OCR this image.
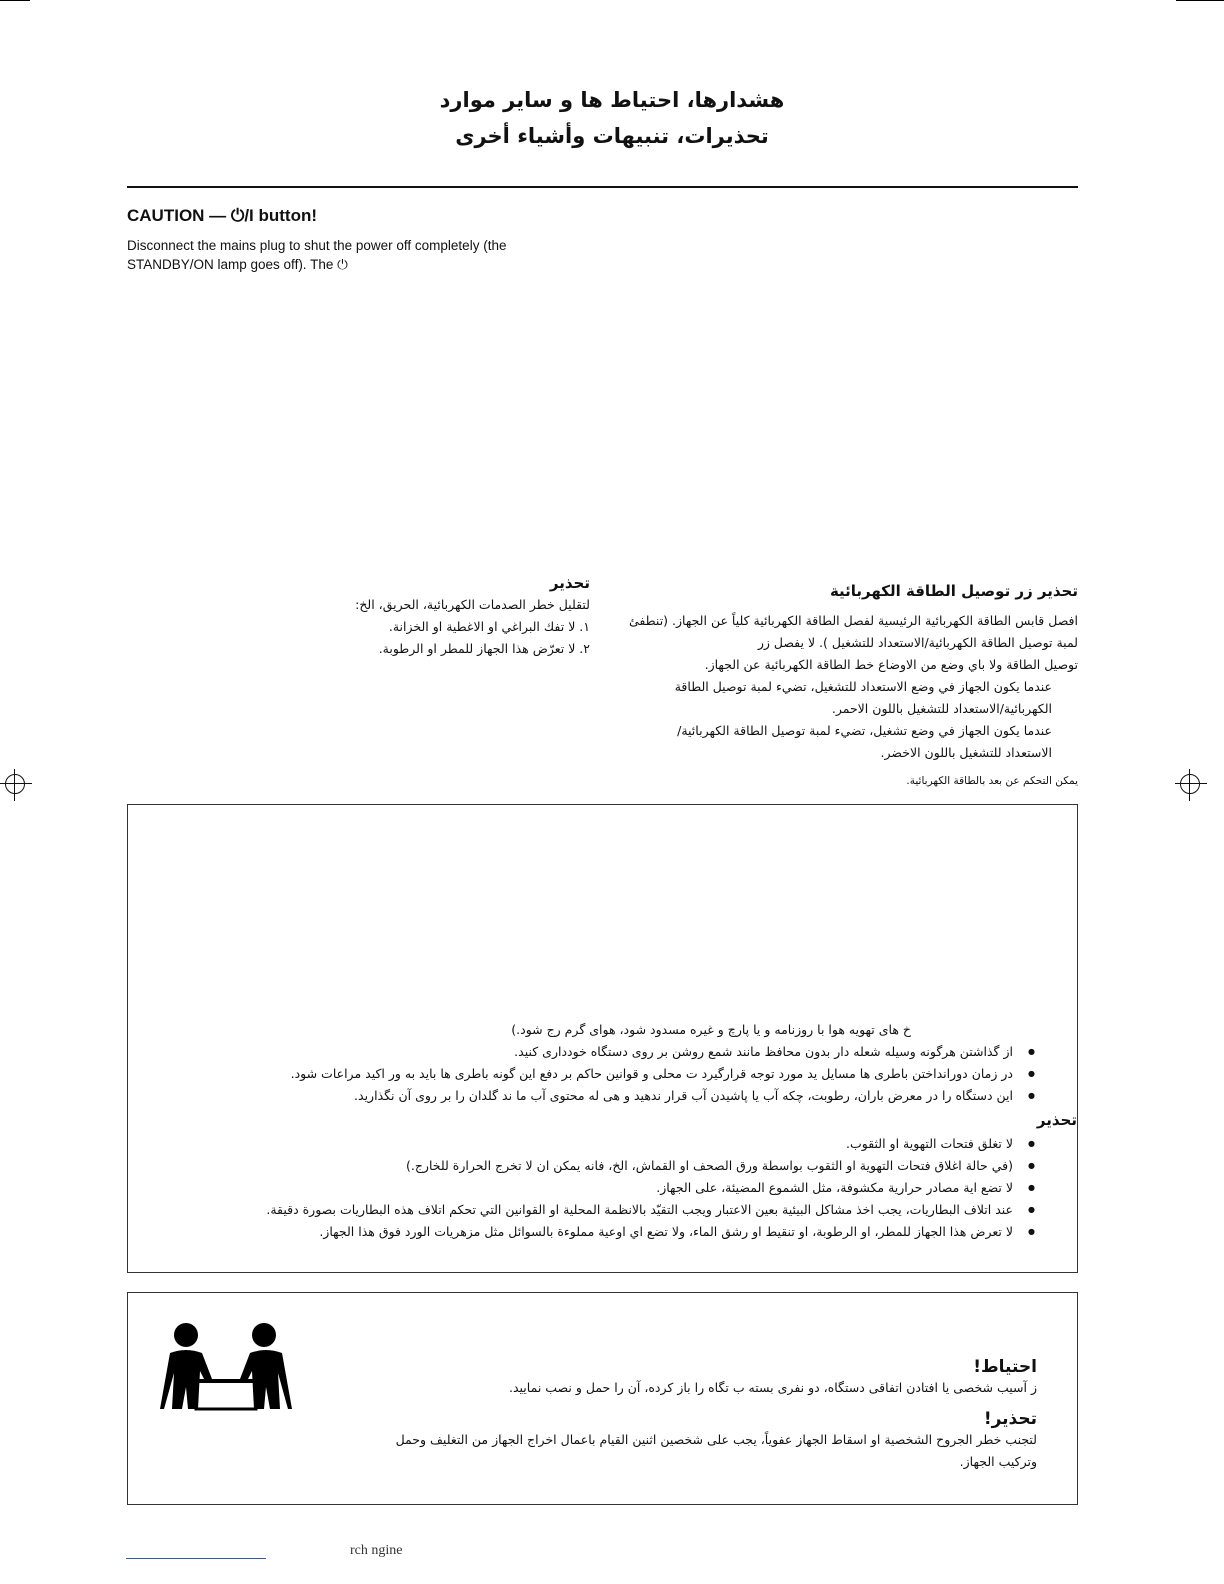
هشدارها، احتیاط ها و سایر موارد
تحذيرات، تنبيهات وأشياء أخرى
CAUTION — ⏻/I button!
Disconnect the mains plug to shut the power off completely (the
STANDBY/ON lamp goes off). The ⏻
تحذير
لتقليل خطر الصدمات الكهربائية، الحريق، الخ:
١. لا تفك البراغي او الاغطية او الخزانة.
٢. لا تعرّض هذا الجهاز للمطر او الرطوبة.
تحذير زر توصيل الطاقة الكهربائية
افصل قابس الطاقة الكهربائية الرئيسية لفصل الطاقة الكهربائية كلياً عن الجهاز. (تنطفئ
لمبة توصيل الطاقة الكهربائية/الاستعداد للتشغيل ). لا يفصل زر
توصيل الطاقة ولا باي وضع من الاوضاع خط الطاقة الكهربائية عن الجهاز.
عندما يكون الجهاز في وضع الاستعداد للتشغيل، تضيء لمبة توصيل الطاقة
الكهربائية/الاستعداد للتشغيل باللون الاحمر.
عندما يكون الجهاز في وضع تشغيل، تضيء لمبة توصيل الطاقة الكهربائية/
الاستعداد للتشغيل باللون الاخضر.
يمكن التحكم عن بعد بالطاقة الكهربائية.
خ های تهویه هوا با روزنامه و یا پارچ و غیره مسدود شود، هوای گرم رج شود.)
● از گذاشتن هرگونه وسیله شعله دار بدون محافظ مانند شمع روشن بر روی دستگاه خودداری کنید.
● در زمان دورانداختن باطری ها مسایل ید مورد توجه قرارگیرد ت محلی و قوانین حاکم بر دفع این گونه باطری ها باید به ور اکید مراعات شود.
● این دستگاه را در معرض باران، رطوبت، چکه آب یا پاشیدن آب قرار ندهید و هی له محتوی آب ما ند گلدان را بر روی آن نگذارید.
تحذير
● لا تغلق فتحات التهوية او الثقوب.
● (في حالة اغلاق فتحات التهوية او الثقوب بواسطة ورق الصحف او القماش، الخ، فانه يمكن ان لا تخرج الحرارة للخارج.)
● لا تضع اية مصادر حرارية مكشوفة، مثل الشموع المضيئة، على الجهاز.
● عند اتلاف البطاريات، يجب اخذ مشاكل البيئية بعين الاعتبار ويجب التقيّد بالانظمة المحلية او القوانين التي تحكم اتلاف هذه البطاريات بصورة دقيقة.
● لا تعرض هذا الجهاز للمطر، او الرطوبة، او تنقيط او رشق الماء، ولا تضع اي اوعية مملوءة بالسوائل مثل مزهريات الورد فوق هذا الجهاز.
احتیاط!
ز آسیب شخصی یا افتادن اتفاقی دستگاه، دو نفری بسته ب تگاه را باز کرده، آن را حمل و نصب نمایید.
تحذير!
لتجنب خطر الجروح الشخصية او اسقاط الجهاز عفوياً، يجب على شخصين اثنين القيام باعمال اخراج الجهاز من التغليف وحمل
وتركيب الجهاز.
rch ngine
